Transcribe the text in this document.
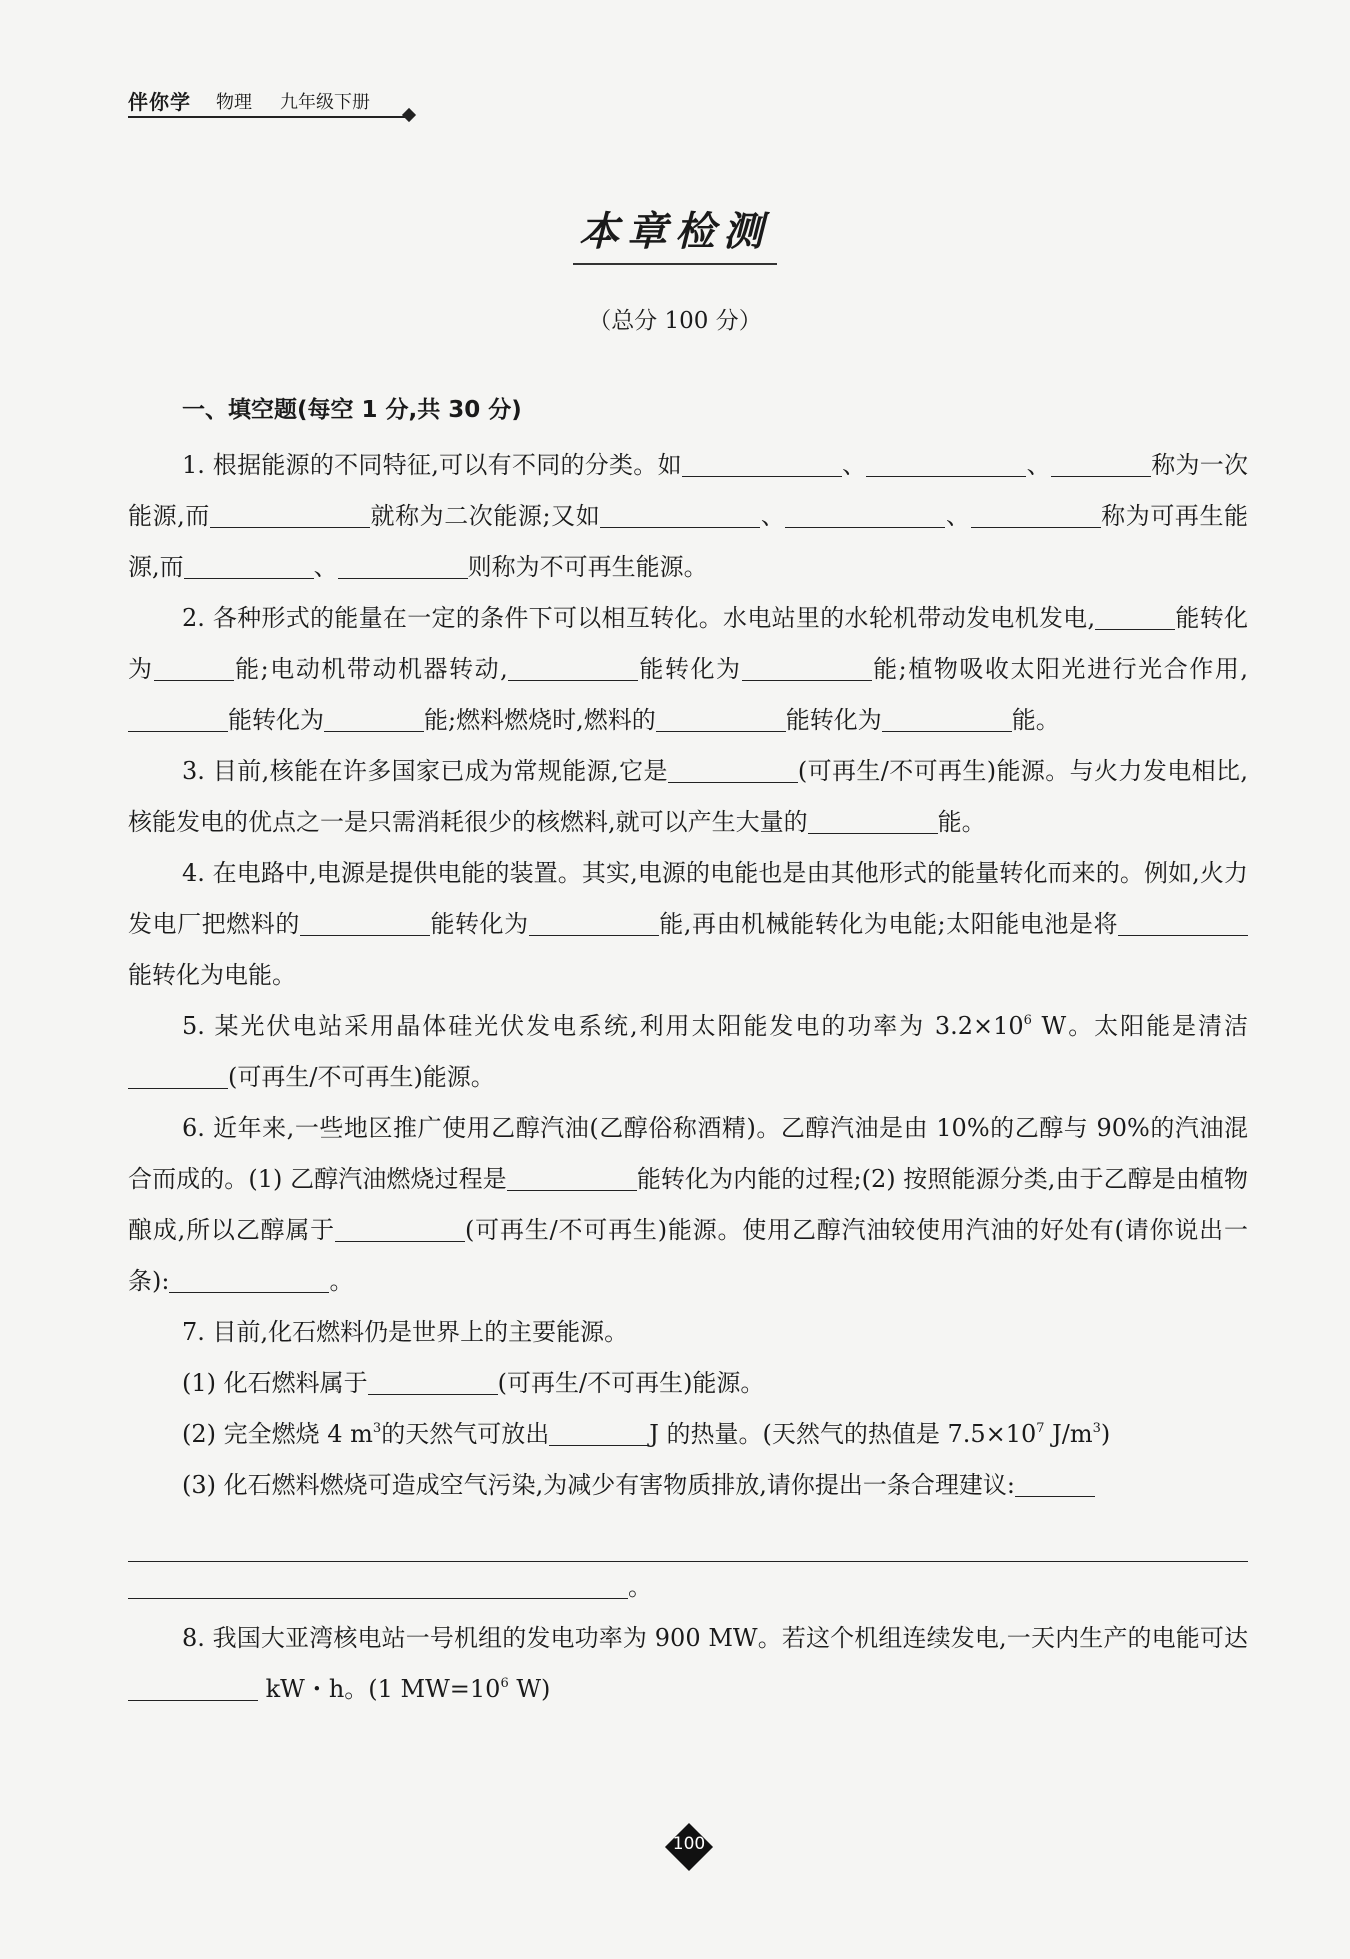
伴你学 物理 九年级下册
本章检测
（总分 100 分）
一、填空题(每空 1 分,共 30 分)

1. 根据能源的不同特征,可以有不同的分类。如	、	、	称为一次能源,而	就称为二次能源;又如	、	、	称为可再生能源,而	、	则称为不可再生能源。

2. 各种形式的能量在一定的条件下可以相互转化。水电站里的水轮机带动发电机发电,	能转化为	能;电动机带动机器转动,	能转化为	能;植物吸收太阳光进行光合作用,能转化为	能;燃料燃烧时,燃料的	能转化为	能。

3. 目前,核能在许多国家已成为常规能源,它是	(可再生/不可再生)能源。与火力发电相比,核能发电的优点之一是只需消耗很少的核燃料,就可以产生大量的	能。

4. 在电路中,电源是提供电能的装置。其实,电源的电能也是由其他形式的能量转化而来的。例如,火力发电厂把燃料的	能转化为	能,再由机械能转化为电能;太阳能电池是将能转化为电能。

5. 某光伏电站采用晶体硅光伏发电系统,利用太阳能发电的功率为 $3.2\times 10^6$ W。太阳能是清洁(可再生/不可再生)能源。

6. 近年来,一些地区推广使用乙醇汽油(乙醇俗称酒精)。乙醇汽油是由 10%的乙醇与 90%的汽油混合而成的。(1) 乙醇汽油燃烧过程是	能转化为内能的过程;(2) 按照能源分类,由于乙醇是由植物酿成,所以乙醇属于	(可再生/不可再生)能源。使用乙醇汽油较使用汽油的好处有(请你说出一条):	。

7. 目前,化石燃料仍是世界上的主要能源。

(1) 化石燃料属于	(可再生/不可再生)能源。

(2) 完全燃烧 4 $m^3$的天然气可放出	J 的热量。(天然气的热值是 $7.5\times 10^7$ $J/m^3$)

(3) 化石燃料燃烧可造成空气污染,为减少有害物质排放,请你提出一条合理建议:

。

8. 我国大亚湾核电站一号机组的发电功率为 900 MW。若这个机组连续发电,一天内生产的电能可达 kW・h。(1 $MW=10^6$ W)

100
